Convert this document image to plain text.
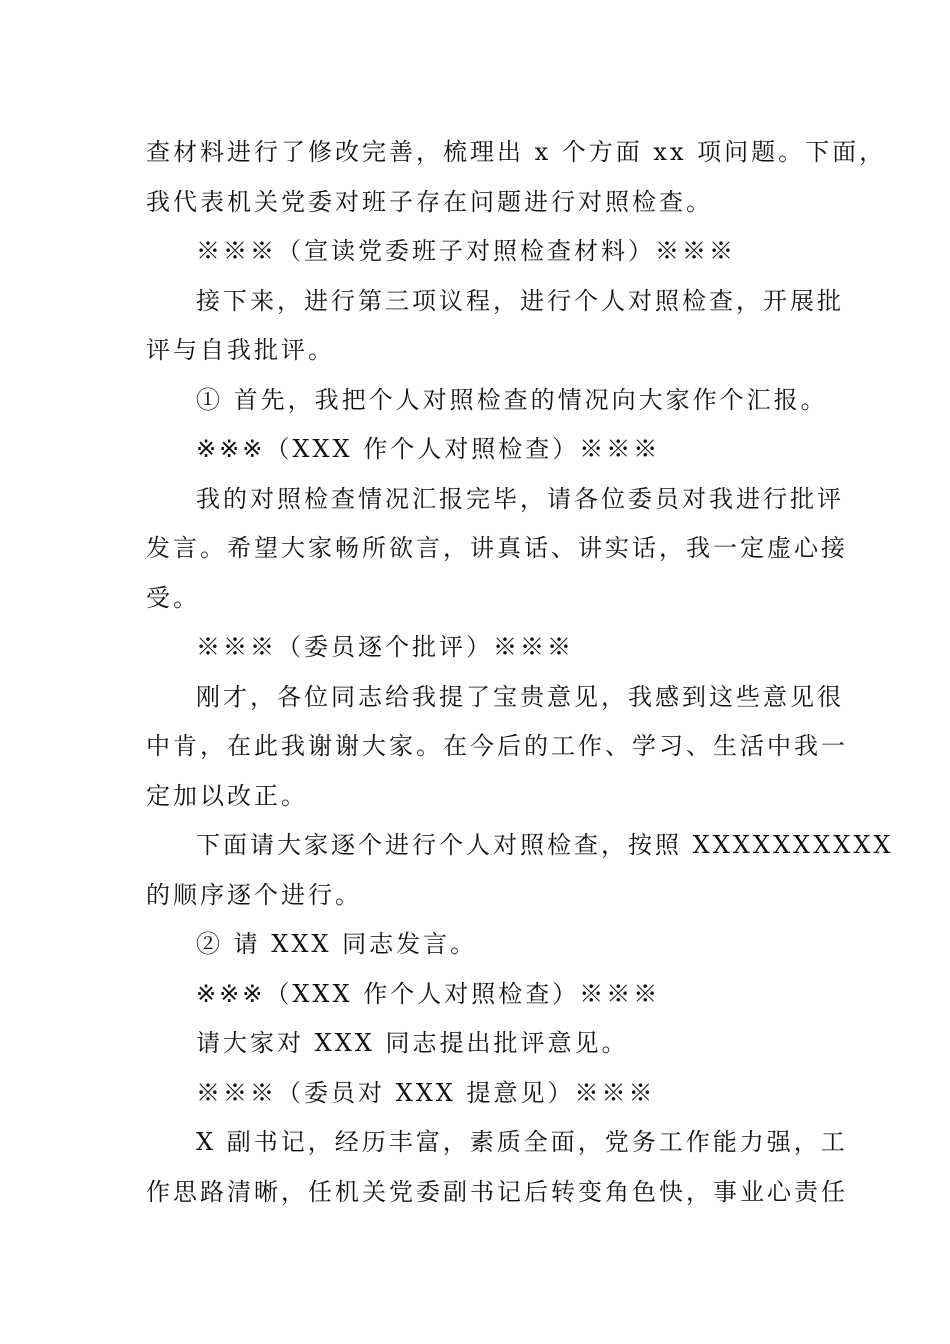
查材料进行了修改完善，梳理出 x 个方面 xx 项问题。下面，
我代表机关党委对班子存在问题进行对照检查。
※※※（宣读党委班子对照检查材料）※※※
接下来，进行第三项议程，进行个人对照检查，开展批
评与自我批评。
① 首先，我把个人对照检查的情况向大家作个汇报。
※※※（XXX 作个人对照检查）※※※
我的对照检查情况汇报完毕，请各位委员对我进行批评
发言。希望大家畅所欲言，讲真话、讲实话，我一定虚心接
受。
※※※（委员逐个批评）※※※
刚才，各位同志给我提了宝贵意见，我感到这些意见很
中肯，在此我谢谢大家。在今后的工作、学习、生活中我一
定加以改正。
下面请大家逐个进行个人对照检查，按照 XXXXXXXXXX
的顺序逐个进行。
② 请 XXX 同志发言。
※※※（XXX 作个人对照检查）※※※
请大家对 XXX 同志提出批评意见。
※※※（委员对 XXX 提意见）※※※
X 副书记，经历丰富，素质全面，党务工作能力强，工
作思路清晰，任机关党委副书记后转变角色快，事业心责任
